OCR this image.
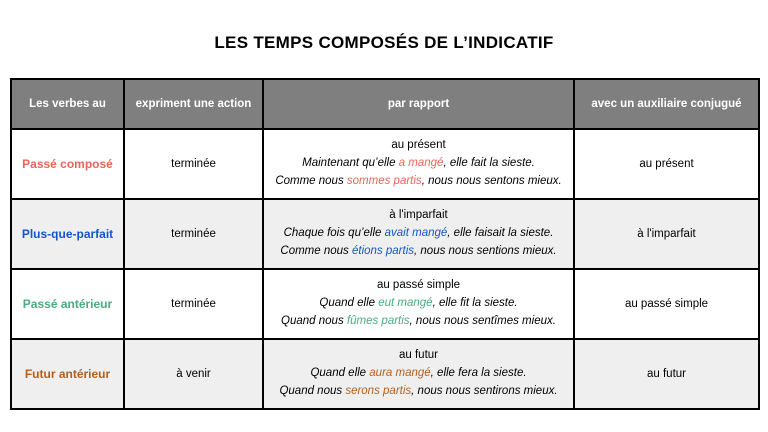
LES TEMPS COMPOSÉS DE L’INDICATIF
Les verbes au	expriment une action	par rapport	avec un auxiliaire conjugué
Passé composé	terminée	au présent
Maintenant qu’elle a mangé, elle fait la sieste.
Comme nous sommes partis, nous nous sentons mieux.	au présent
Plus-que-parfait	terminée	à l'imparfait
Chaque fois qu’elle avait mangé, elle faisait la sieste.
Comme nous étions partis, nous nous sentions mieux.	à l'imparfait
Passé antérieur	terminée	au passé simple
Quand elle eut mangé, elle fit la sieste.
Quand nous fûmes partis, nous nous sentîmes mieux.	au passé simple
Futur antérieur	à venir	au futur
Quand elle aura mangé, elle fera la sieste.
Quand nous serons partis, nous nous sentirons mieux.	au futur
